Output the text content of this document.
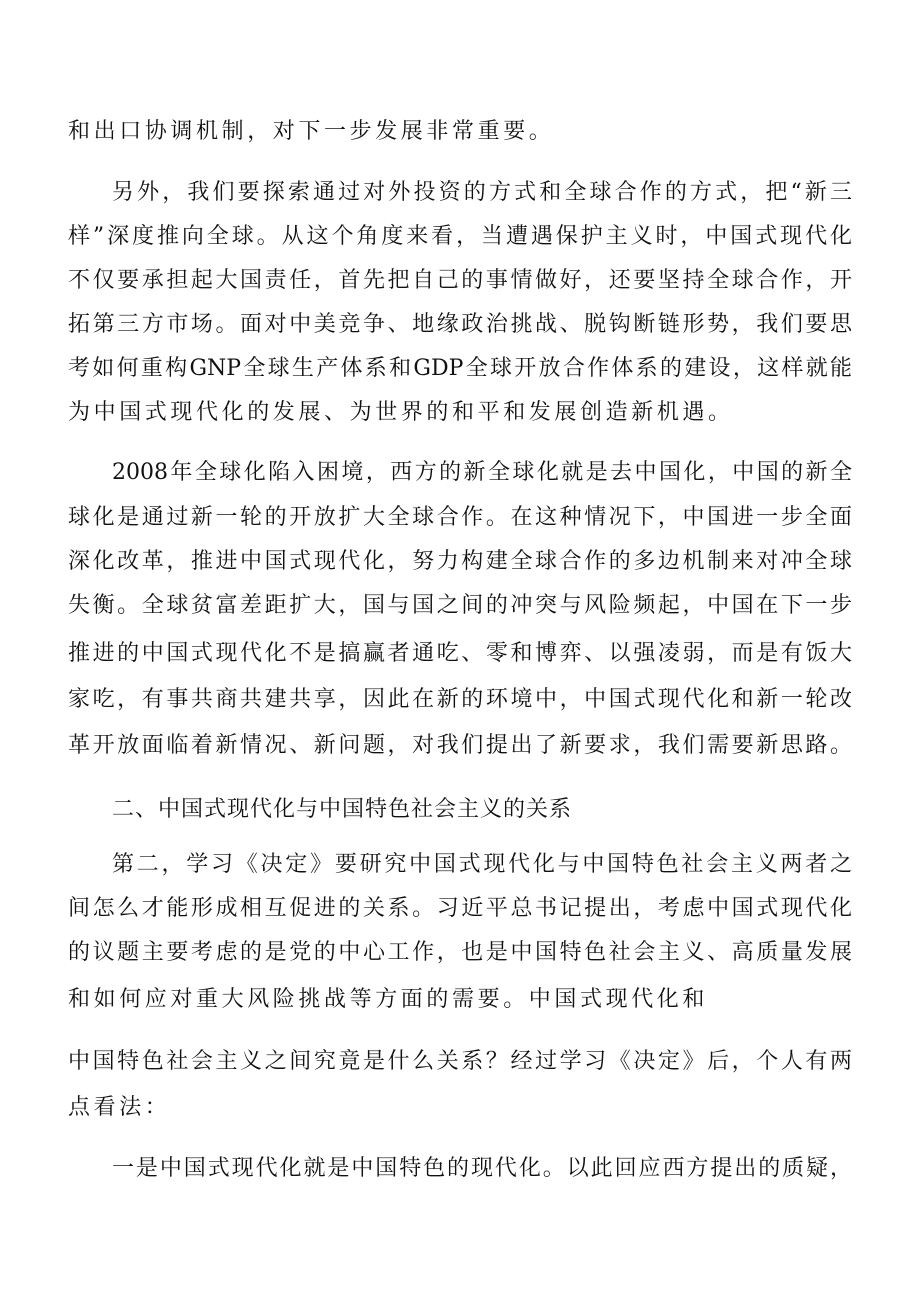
和出口协调机制，对下一步发展非常重要。
另外，我们要探索通过对外投资的方式和全球合作的方式，把“新三
样”深度推向全球。从这个角度来看，当遭遇保护主义时，中国式现代化
不仅要承担起大国责任，首先把自己的事情做好，还要坚持全球合作，开
拓第三方市场。面对中美竞争、地缘政治挑战、脱钩断链形势，我们要思
考如何重构GNP全球生产体系和GDP全球开放合作体系的建设，这样就能
为中国式现代化的发展、为世界的和平和发展创造新机遇。
2008年全球化陷入困境，西方的新全球化就是去中国化，中国的新全
球化是通过新一轮的开放扩大全球合作。在这种情况下，中国进一步全面
深化改革，推进中国式现代化，努力构建全球合作的多边机制来对冲全球
失衡。全球贫富差距扩大，国与国之间的冲突与风险频起，中国在下一步
推进的中国式现代化不是搞赢者通吃、零和博弈、以强凌弱，而是有饭大
家吃，有事共商共建共享，因此在新的环境中，中国式现代化和新一轮改
革开放面临着新情况、新问题，对我们提出了新要求，我们需要新思路。
二、中国式现代化与中国特色社会主义的关系
第二，学习《决定》要研究中国式现代化与中国特色社会主义两者之
间怎么才能形成相互促进的关系。习近平总书记提出，考虑中国式现代化
的议题主要考虑的是党的中心工作，也是中国特色社会主义、高质量发展
和如何应对重大风险挑战等方面的需要。中国式现代化和
中国特色社会主义之间究竟是什么关系？经过学习《决定》后，个人有两
点看法：
一是中国式现代化就是中国特色的现代化。以此回应西方提出的质疑，
